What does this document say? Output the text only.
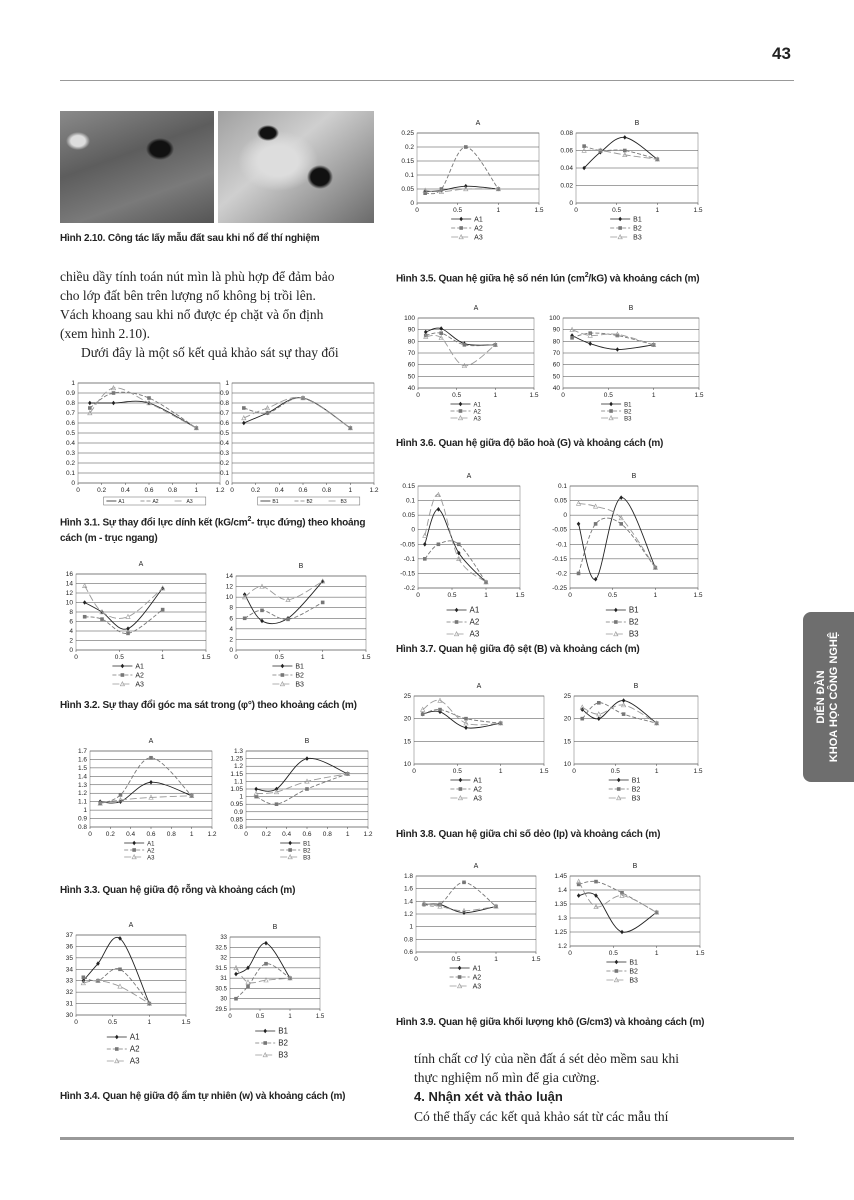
43
Hình 2.10. Công tác lấy mẫu đất sau khi nổ để thí nghiệm
chiều dầy tính toán nút mìn là phù hợp để đảm bảo
cho lớp đất bên trên lượng nổ không bị trồi lên.
Vách khoang sau khi nổ được ép chặt và ổn định
(xem hình 2.10).
Dưới đây là một số kết quả khảo sát sự thay đổi
0
0.1
0.2
0.3
0.4
0.5
0.6
0.7
0.8
0.9
1
0	0.2 0.4 0.6 0.8	1	1.2
A1	A2	A3
0
0.1
0.2
0.3
0.4
0.5
0.6
0.7
0.8
0.9
1
0	0.2 0.4 0.6 0.8	1	1.2
B1	B2	B3
Hình 3.1. Sự thay đổi lực dính kết ($kG/cm^2-$ trục đứng) theo khoảng
cách (m - trục ngang)
A
0
2
4
6
8
10
12
14
16
0	0.5	1	1.5
A1
A2
A3
B
0
2
4
6
8
10
12
14
0	0.5	1	1.5
B1
B2
B3
Hình 3.2. Sự thay đổi góc ma sát trong (φ°) theo khoảng cách (m)
A
0.8
0.9
1
1.1
1.2
1.3
1.4
1.5
1.6
1.7
0 0.2 0.4 0.6 0.8 1 1.2
A1
A2
A3
B
0.8
0.85
0.9
0.95
1
1.05
1.1
1.15
1.2
1.25
1.3
0 0.2 0.4 0.6 0.8 1 1.2
B1
B2
B3
Hình 3.3. Quan hệ giữa độ rỗng và khoảng cách (m)
A
30
31
32
33
34
35
36
37
0	0.5	1	1.5
A1
A2
A3
B
29.5
30
30.5
31
31.5
32
32.5
33
0	0.5	1	1.5
B1
B2
B3
Hình 3.4. Quan hệ giữa độ ẩm tự nhiên (w) và khoảng cách (m)
A
0
0.05
0.1
0.15
0.2
0.25
0	0.5	1	1.5
A1
A2
A3
B
0
0.02
0.04
0.06
0.08
0	0.5	1	1.5
B1
B2
B3
Hình 3.5. Quan hệ giữa hệ số nén lún $(cm^2/kG)$ và khoảng cách (m)
A
40
50
60
70
80
90
100
0	0.5	1	1.5
A1
A2
A3
B
40
50
60
70
80
90
100
0	0.5	1	1.5
B1
B2
B3
Hình 3.6. Quan hệ giữa độ bão hoà (G) và khoảng cách (m)
A
-0.2
-0.15
-0.1
-0.05
0
0.05
0.1
0.15
0	0.5	1	1.5
A1
A2
A3
B
-0.25
-0.2
-0.15
-0.1
-0.05
0
0.05
0.1
0	0.5	1	1.5
B1
B2
B3
Hình 3.7. Quan hệ giữa độ sệt (B) và khoảng cách (m)
A
10
15
20
25
0	0.5	1	1.5
A1
A2
A3
B
10
15
20
25
0	0.5	1	1.5
B1
B2
B3
Hình 3.8. Quan hệ giữa chỉ số dẻo (Ip) và khoảng cách (m)
A
0.6
0.8
1
1.2
1.4
1.6
1.8
0	0.5	1	1.5
A1
A2
A3
B
1.2
1.25
1.3
1.35
1.4
1.45
0	0.5	1	1.5
B1
B2
B3
Hình 3.9. Quan hệ giữa khối lượng khô (G/cm3) và khoảng cách (m)
tính chất cơ lý của nền đất á sét dẻo mềm sau khi
thực nghiệm nổ mìn để gia cường.
4. Nhận xét và thảo luận
Có thể thấy các kết quả khảo sát từ các mẫu thí
DIỄN ĐÀN KHOA HỌC CÔNG NGHỆ
